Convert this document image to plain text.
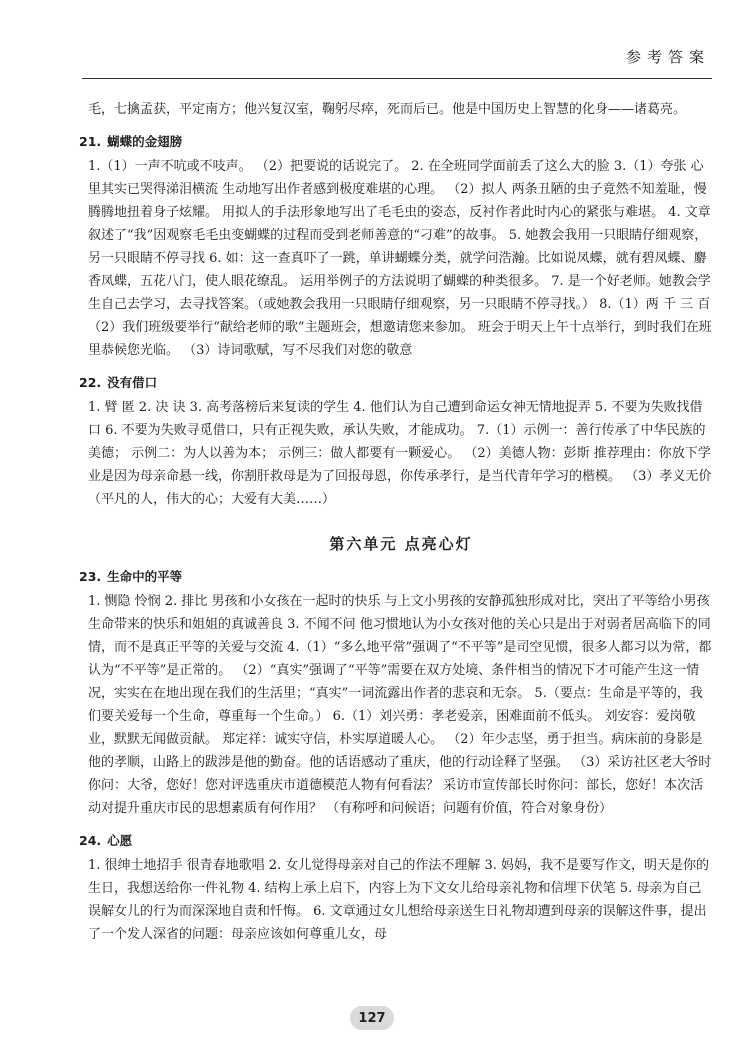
参考答案

毛，七擒孟获，平定南方；他兴复汉室，鞠躬尽瘁，死而后已。他是中国历史上智慧的化身——诸葛亮。

21. 蝴蝶的金翅膀

1.（1）一声不吭或不吱声。 （2）把要说的话说完了。 2. 在全班同学面前丢了这么大的脸 3.（1）夸张 心里其实已哭得涕泪横流 生动地写出作者感到极度难堪的心理。 （2）拟人 两条丑陋的虫子竟然不知羞耻，慢腾腾地扭着身子炫耀。 用拟人的手法形象地写出了毛毛虫的姿态，反衬作者此时内心的紧张与难堪。 4. 文章叙述了“我”因观察毛毛虫变蝴蝶的过程而受到老师善意的“刁难”的故事。 5. 她教会我用一只眼睛仔细观察，另一只眼睛不停寻找 6. 如：这一查真吓了一跳，单讲蝴蝶分类，就学问浩瀚。比如说凤蝶，就有碧凤蝶、麝香凤蝶，五花八门，使人眼花缭乱。 运用举例子的方法说明了蝴蝶的种类很多。 7. 是一个好老师。她教会学生自己去学习，去寻找答案。（或她教会我用一只眼睛仔细观察，另一只眼睛不停寻找。） 8.（1）两 千 三 百 （2）我们班级要举行“献给老师的歌”主题班会，想邀请您来参加。 班会于明天上午十点举行，到时我们在班里恭候您光临。 （3）诗词歌赋，写不尽我们对您的敬意

22. 没有借口

1. 臂 匿 2. 决 诀 3. 高考落榜后来复读的学生 4. 他们认为自己遭到命运女神无情地捉弄 5. 不要为失败找借口 6. 不要为失败寻觅借口，只有正视失败，承认失败，才能成功。 7.（1）示例一：善行传承了中华民族的美德； 示例二：为人以善为本； 示例三：做人都要有一颗爱心。 （2）美德人物：彭斯 推荐理由：你放下学业是因为母亲命悬一线，你割肝救母是为了回报母恩，你传承孝行，是当代青年学习的楷模。 （3）孝义无价（平凡的人，伟大的心；大爱有大美……）

第六单元 点亮心灯
23. 生命中的平等

1. 恻隐 怜悯 2. 排比 男孩和小女孩在一起时的快乐 与上文小男孩的安静孤独形成对比，突出了平等给小男孩生命带来的快乐和姐姐的真诚善良 3. 不闻不问 他习惯地认为小女孩对他的关心只是出于对弱者居高临下的同情，而不是真正平等的关爱与交流 4.（1）“多么地平常”强调了“不平等”是司空见惯，很多人都习以为常，都认为“不平等”是正常的。 （2）“真实”强调了“平等”需要在双方处境、条件相当的情况下才可能产生这一情况，实实在在地出现在我们的生活里；“真实”一词流露出作者的悲哀和无奈。 5.（要点：生命是平等的，我们要关爱每一个生命，尊重每一个生命。） 6.（1）刘兴勇：孝老爱亲，困难面前不低头。 刘安容：爱岗敬业，默默无闻做贡献。 郑定祥：诚实守信，朴实厚道暖人心。 （2）年少志坚，勇于担当。病床前的身影是他的孝顺，山路上的跋涉是他的勤奋。他的话语感动了重庆，他的行动诠释了坚强。 （3）采访社区老大爷时你问：大爷，您好！您对评选重庆市道德模范人物有何看法？ 采访市宣传部长时你问：部长，您好！本次活动对提升重庆市民的思想素质有何作用？ （有称呼和问候语；问题有价值，符合对象身份）

24. 心愿

1. 很绅士地招手 很青春地歌唱 2. 女儿觉得母亲对自己的作法不理解 3. 妈妈，我不是要写作文，明天是你的生日，我想送给你一件礼物 4. 结构上承上启下，内容上为下文女儿给母亲礼物和信埋下伏笔 5. 母亲为自己误解女儿的行为而深深地自责和忏悔。 6. 文章通过女儿想给母亲送生日礼物却遭到母亲的误解这件事，提出了一个发人深省的问题：母亲应该如何尊重儿女，母

127
